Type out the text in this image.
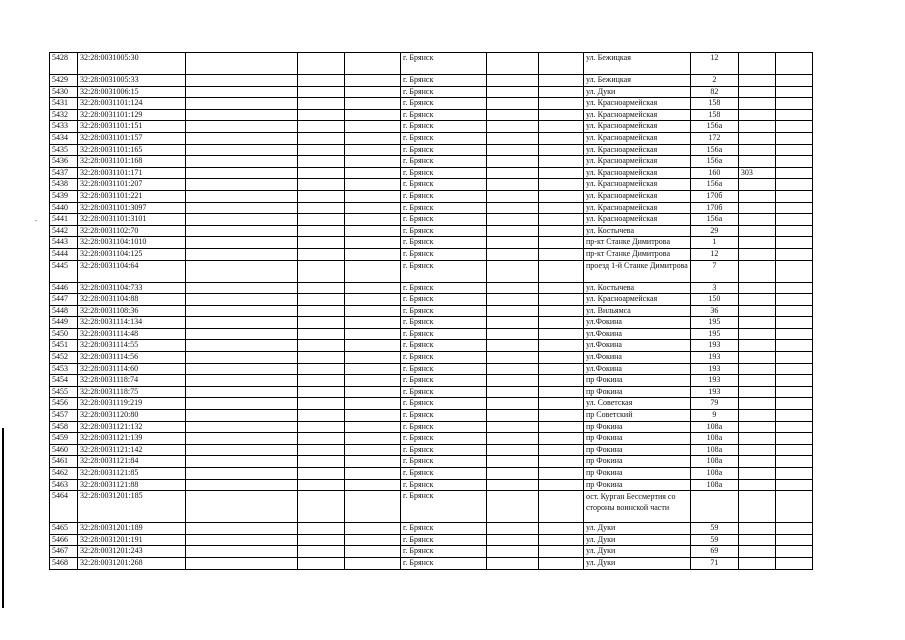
-
5428	32:28:0031005:30				г. Брянск			ул. Бежицкая	12		
5429	32:28:0031005:33				г. Брянск			ул. Бежицкая	2		
5430	32:28:0031006:15				г. Брянск			ул. Дуки	82		
5431	32:28:0031101:124				г. Брянск			ул. Красноармейская	158		
5432	32:28:0031101:129				г. Брянск			ул. Красноармейская	158		
5433	32:28:0031101:151				г. Брянск			ул. Красноармейская	156а		
5434	32:28:0031101:157				г. Брянск			ул. Красноармейская	172		
5435	32:28:0031101:165				г. Брянск			ул. Красноармейская	156а		
5436	32:28:0031101:168				г. Брянск			ул. Красноармейская	156а		
5437	32:28:0031101:171				г. Брянск			ул. Красноармейская	160	303	
5438	32:28:0031101:207				г. Брянск			ул. Красноармейская	156а		
5439	32:28:0031101:221				г. Брянск			ул. Красноармейская	170б		
5440	32:28:0031101:3097				г. Брянск			ул. Красноармейская	170б		
5441	32:28:0031101:3101				г. Брянск			ул. Красноармейская	156а		
5442	32:28:0031102:70				г. Брянск			ул. Костычева	29		
5443	32:28:0031104:1010				г. Брянск			пр-кт Станке Димитрова	1		
5444	32:28:0031104:125				г. Брянск			пр-кт Станке Димитрова	12		
5445	32:28:0031104:64				г. Брянск			проезд 1-й Станке Димитрова	7		
5446	32:28:0031104:733				г. Брянск			ул. Костычева	3		
5447	32:28:0031104:88				г. Брянск			ул. Красноармейская	150		
5448	32:28:0031108:36				г. Брянск			ул. Вильямса	36		
5449	32:28:0031114:134				г. Брянск			ул.Фокина	195		
5450	32:28:0031114:48				г. Брянск			ул.Фокина	195		
5451	32:28:0031114:55				г. Брянск			ул.Фокина	193		
5452	32:28:0031114:56				г. Брянск			ул.Фокина	193		
5453	32:28:0031114:60				г. Брянск			ул.Фокина	193		
5454	32:28:0031118:74				г. Брянск			пр Фокина	193		
5455	32:28:0031118:75				г. Брянск			пр Фокина	193		
5456	32:28:0031119:219				г. Брянск			ул. Советская	79		
5457	32:28:0031120:80				г. Брянск			пр Советский	9		
5458	32:28:0031121:132				г. Брянск			пр Фокина	108а		
5459	32:28:0031121:139				г. Брянск			пр Фокина	108а		
5460	32:28:0031121:142				г. Брянск			пр Фокина	108а		
5461	32:28:0031121:84				г. Брянск			пр Фокина	108а		
5462	32:28:0031121:85				г. Брянск			пр Фокина	108а		
5463	32:28:0031121:88				г. Брянск			пр Фокина	108а		
5464	32:28:0031201:185				г. Брянск			ост. Курган Бессмертия со стороны воинской части			
5465	32:28:0031201:189				г. Брянск			ул. Дуки	59		
5466	32:28:0031201:191				г. Брянск			ул. Дуки	59		
5467	32:28:0031201:243				г. Брянск			ул. Дуки	69		
5468	32:28:0031201:268				г. Брянск			ул. Дуки	71		
